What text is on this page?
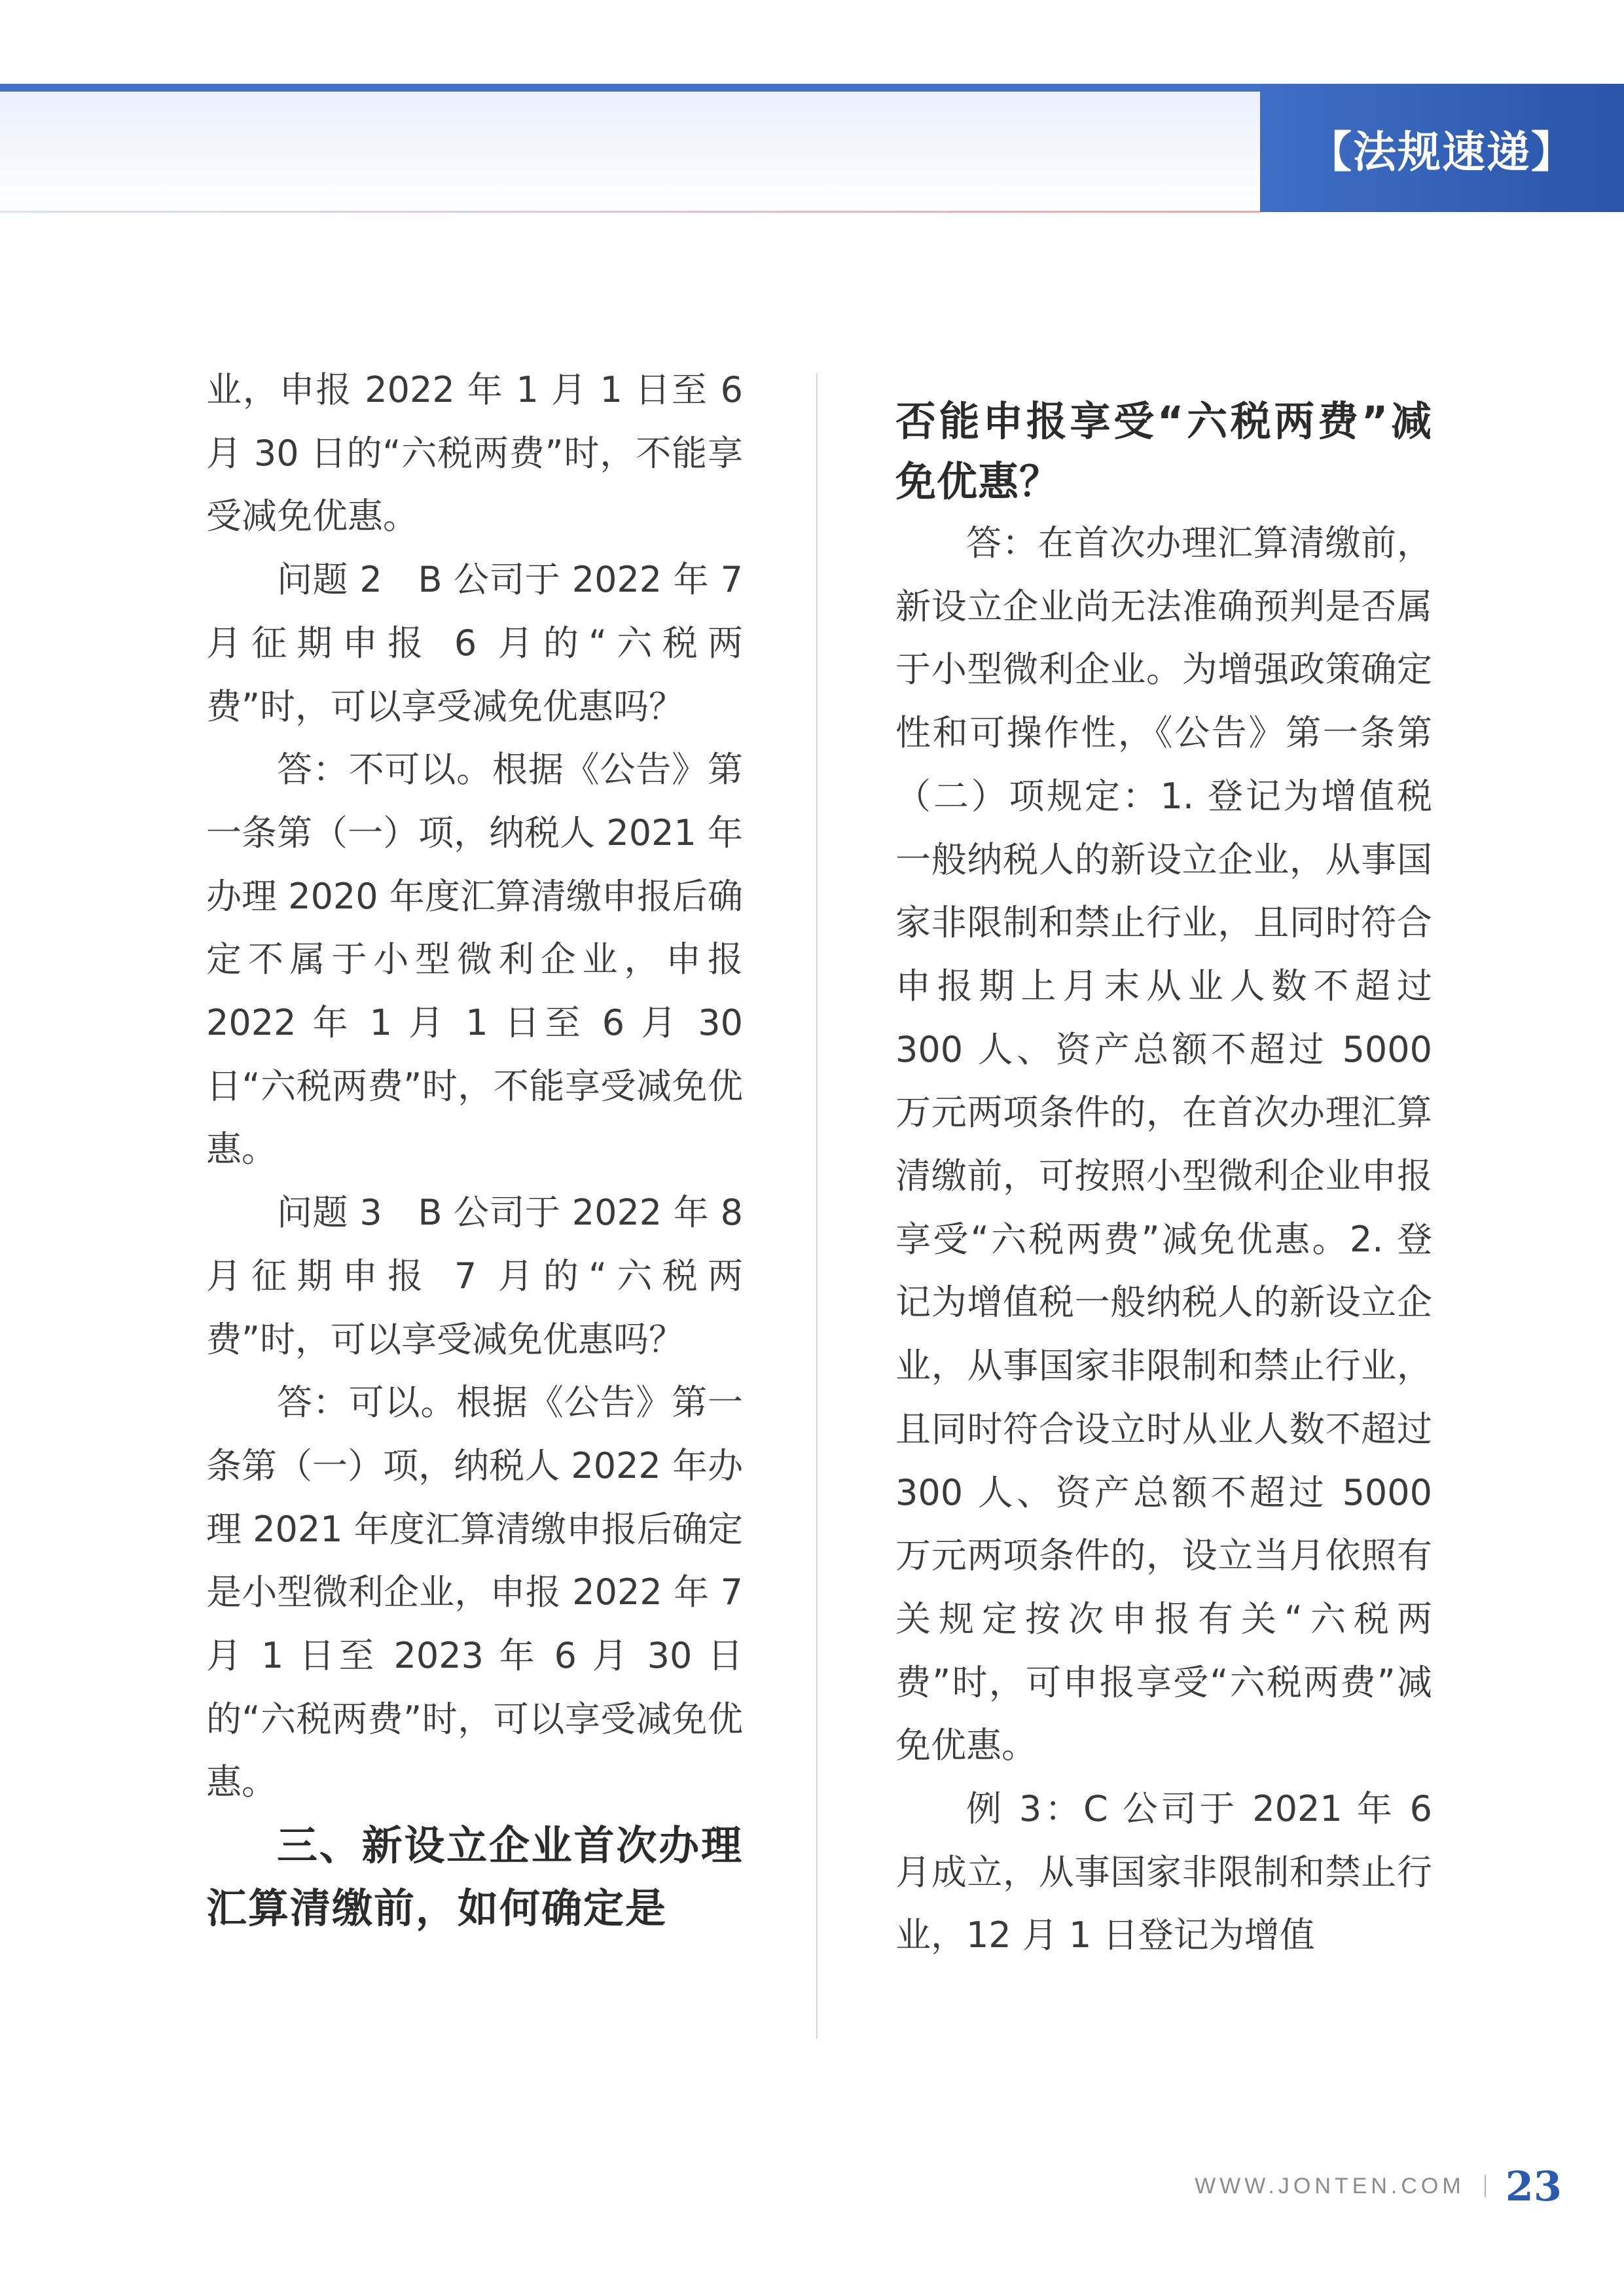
【法规速递】

业，申报 2022 年 1 月 1 日至 6 月 30 日的“六税两费”时，不能享受减免优惠。

问题 2　B 公司于 2022 年 7 月征期申报 6 月的“六税两费”时，可以享受减免优惠吗？

答：不可以。根据《公告》第一条第（一）项，纳税人 2021 年办理 2020 年度汇算清缴申报后确定不属于小型微利企业，申报 2022 年 1 月 1 日至 6 月 30 日“六税两费”时，不能享受减免优惠。

问题 3　B 公司于 2022 年 8 月征期申报 7 月的“六税两费”时，可以享受减免优惠吗？

答：可以。根据《公告》第一条第（一）项，纳税人 2022 年办理 2021 年度汇算清缴申报后确定是小型微利企业，申报 2022 年 7 月 1 日至 2023 年 6 月 30 日的“六税两费”时，可以享受减免优惠。

三、新设立企业首次办理汇算清缴前，如何确定是

否能申报享受“六税两费”减免优惠？

答：在首次办理汇算清缴前，新设立企业尚无法准确预判是否属于小型微利企业。为增强政策确定性和可操作性，《公告》第一条第（二）项规定：1. 登记为增值税一般纳税人的新设立企业，从事国家非限制和禁止行业，且同时符合申报期上月末从业人数不超过 300 人、资产总额不超过 5000 万元两项条件的，在首次办理汇算清缴前，可按照小型微利企业申报享受“六税两费”减免优惠。2. 登记为增值税一般纳税人的新设立企业，从事国家非限制和禁止行业，且同时符合设立时从业人数不超过 300 人、资产总额不超过 5000 万元两项条件的，设立当月依照有关规定按次申报有关“六税两费”时，可申报享受“六税两费”减免优惠。

例 3：C 公司于 2021 年 6 月成立，从事国家非限制和禁止行业，12 月 1 日登记为增值

WWW.JONTEN.COM 23
